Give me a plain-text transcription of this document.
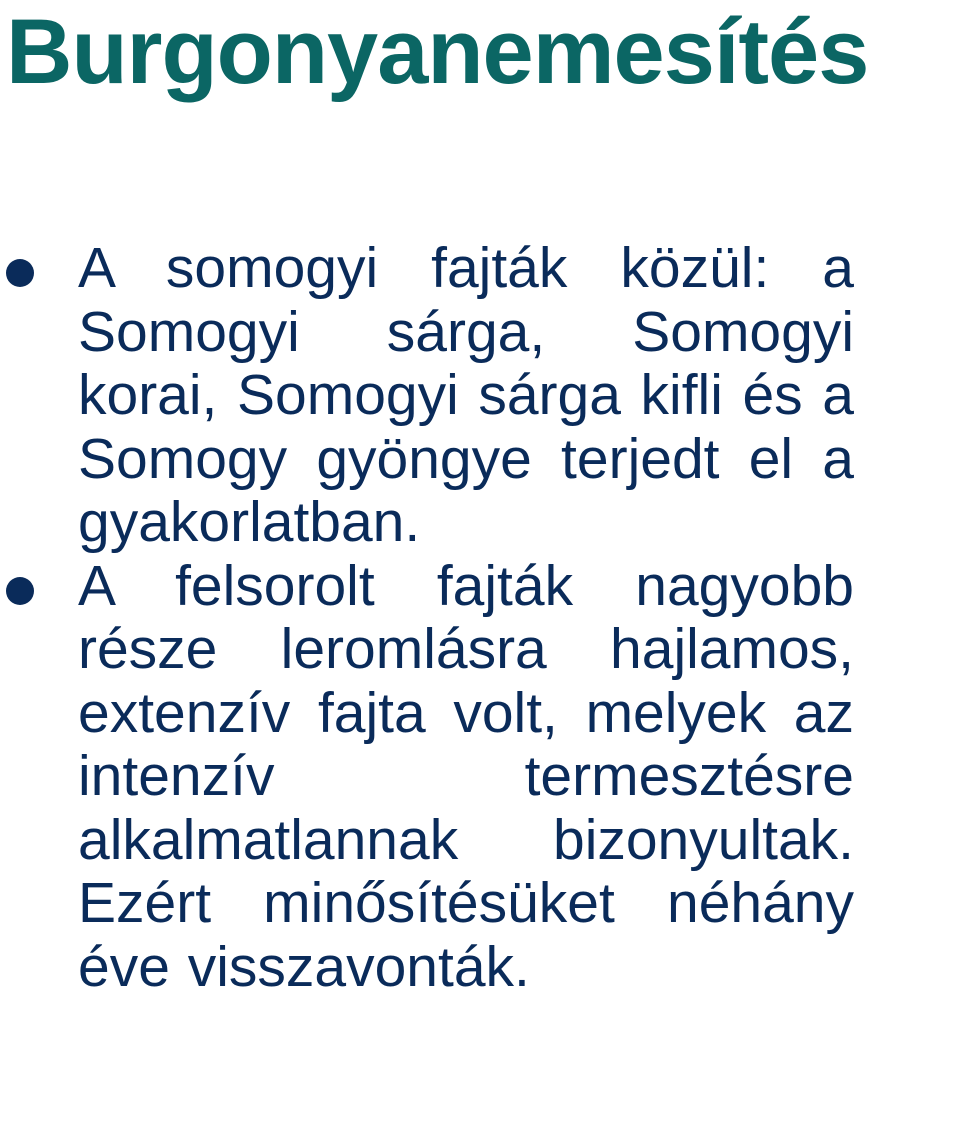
Burgonyanemesítés

A somogyi fajták közül: a Somogyi sárga, Somogyi korai, Somogyi sárga kifli és a Somogy gyöngye terjedt el a gyakorlatban.

A felsorolt fajták nagyobb része leromlásra hajlamos, extenzív fajta volt, melyek az intenzív termesztésre alkalmatlannak bizonyultak. Ezért minősítésüket néhány éve visszavonták.
